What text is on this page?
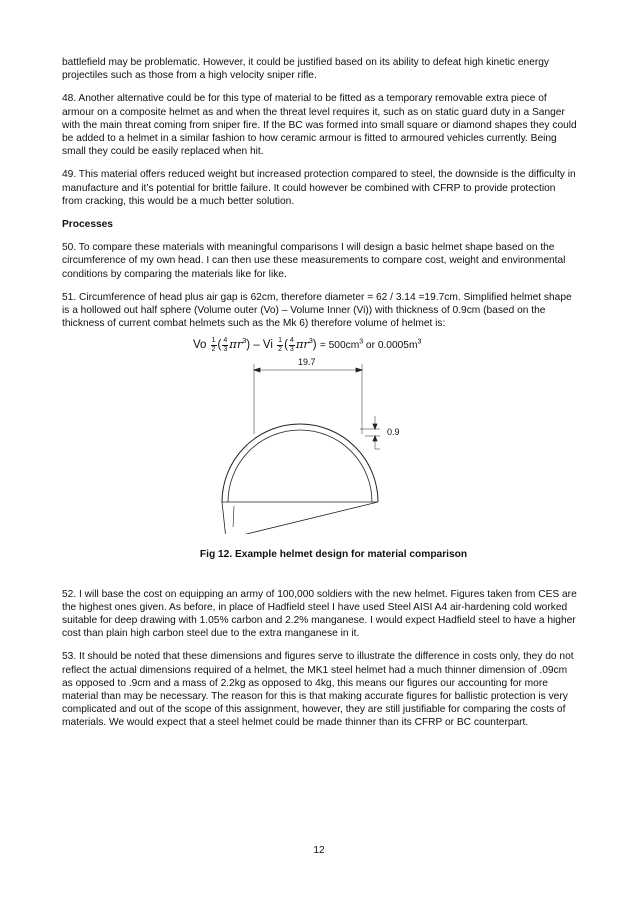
battlefield may be problematic. However, it could be justified based on its ability to defeat high kinetic energy projectiles such as those from a high velocity sniper rifle.

48. Another alternative could be for this type of material to be fitted as a temporary removable extra piece of armour on a composite helmet as and when the threat level requires it, such as on static guard duty in a Sanger with the main threat coming from sniper fire. If the BC was formed into small square or diamond shapes they could be added to a helmet in a similar fashion to how ceramic armour is fitted to armoured vehicles currently. Being small they could be easily replaced when hit.

49. This material offers reduced weight but increased protection compared to steel, the downside is the difficulty in manufacture and it’s potential for brittle failure. It could however be combined with CFRP to provide protection from cracking, this would be a much better solution.

Processes

50. To compare these materials with meaningful comparisons I will design a basic helmet shape based on the circumference of my own head. I can then use these measurements to compare cost, weight and environmental conditions by comparing the materials like for like.

51. Circumference of head plus air gap is 62cm, therefore diameter = 62 / 3.14 =19.7cm. Simplified helmet shape is a hollowed out half sphere (Volume outer (Vo) – Volume Inner (Vi)) with thickness of 0.9cm (based on the thickness of current combat helmets such as the Mk 6) therefore volume of helmet is:

Vo $\frac{1}{2}$ ( $\frac{4}{3} \pi r^3$) – Vi $\frac{1}{2}$ ( $\frac{4}{3} \pi r^3) = 500cm^3$ or $0.0005m^3$
19.7
0.9

Fig 12. Example helmet design for material comparison

52. I will base the cost on equipping an army of 100,000 soldiers with the new helmet. Figures taken from CES are the highest ones given. As before, in place of Hadfield steel I have used Steel AISI A4 air-hardening cold worked suitable for deep drawing with 1.05% carbon and 2.2% manganese. I would expect Hadfield steel to have a higher cost than plain high carbon steel due to the extra manganese in it.

53. It should be noted that these dimensions and figures serve to illustrate the difference in costs only, they do not reflect the actual dimensions required of a helmet, the MK1 steel helmet had a much thinner dimension of .09cm as opposed to .9cm and a mass of 2.2kg as opposed to 4kg, this means our figures our accounting for more material than may be necessary. The reason for this is that making accurate figures for ballistic protection is very complicated and out of the scope of this assignment, however, they are still justifiable for comparing the costs of materials. We would expect that a steel helmet could be made thinner than its CFRP or BC counterpart.

12
